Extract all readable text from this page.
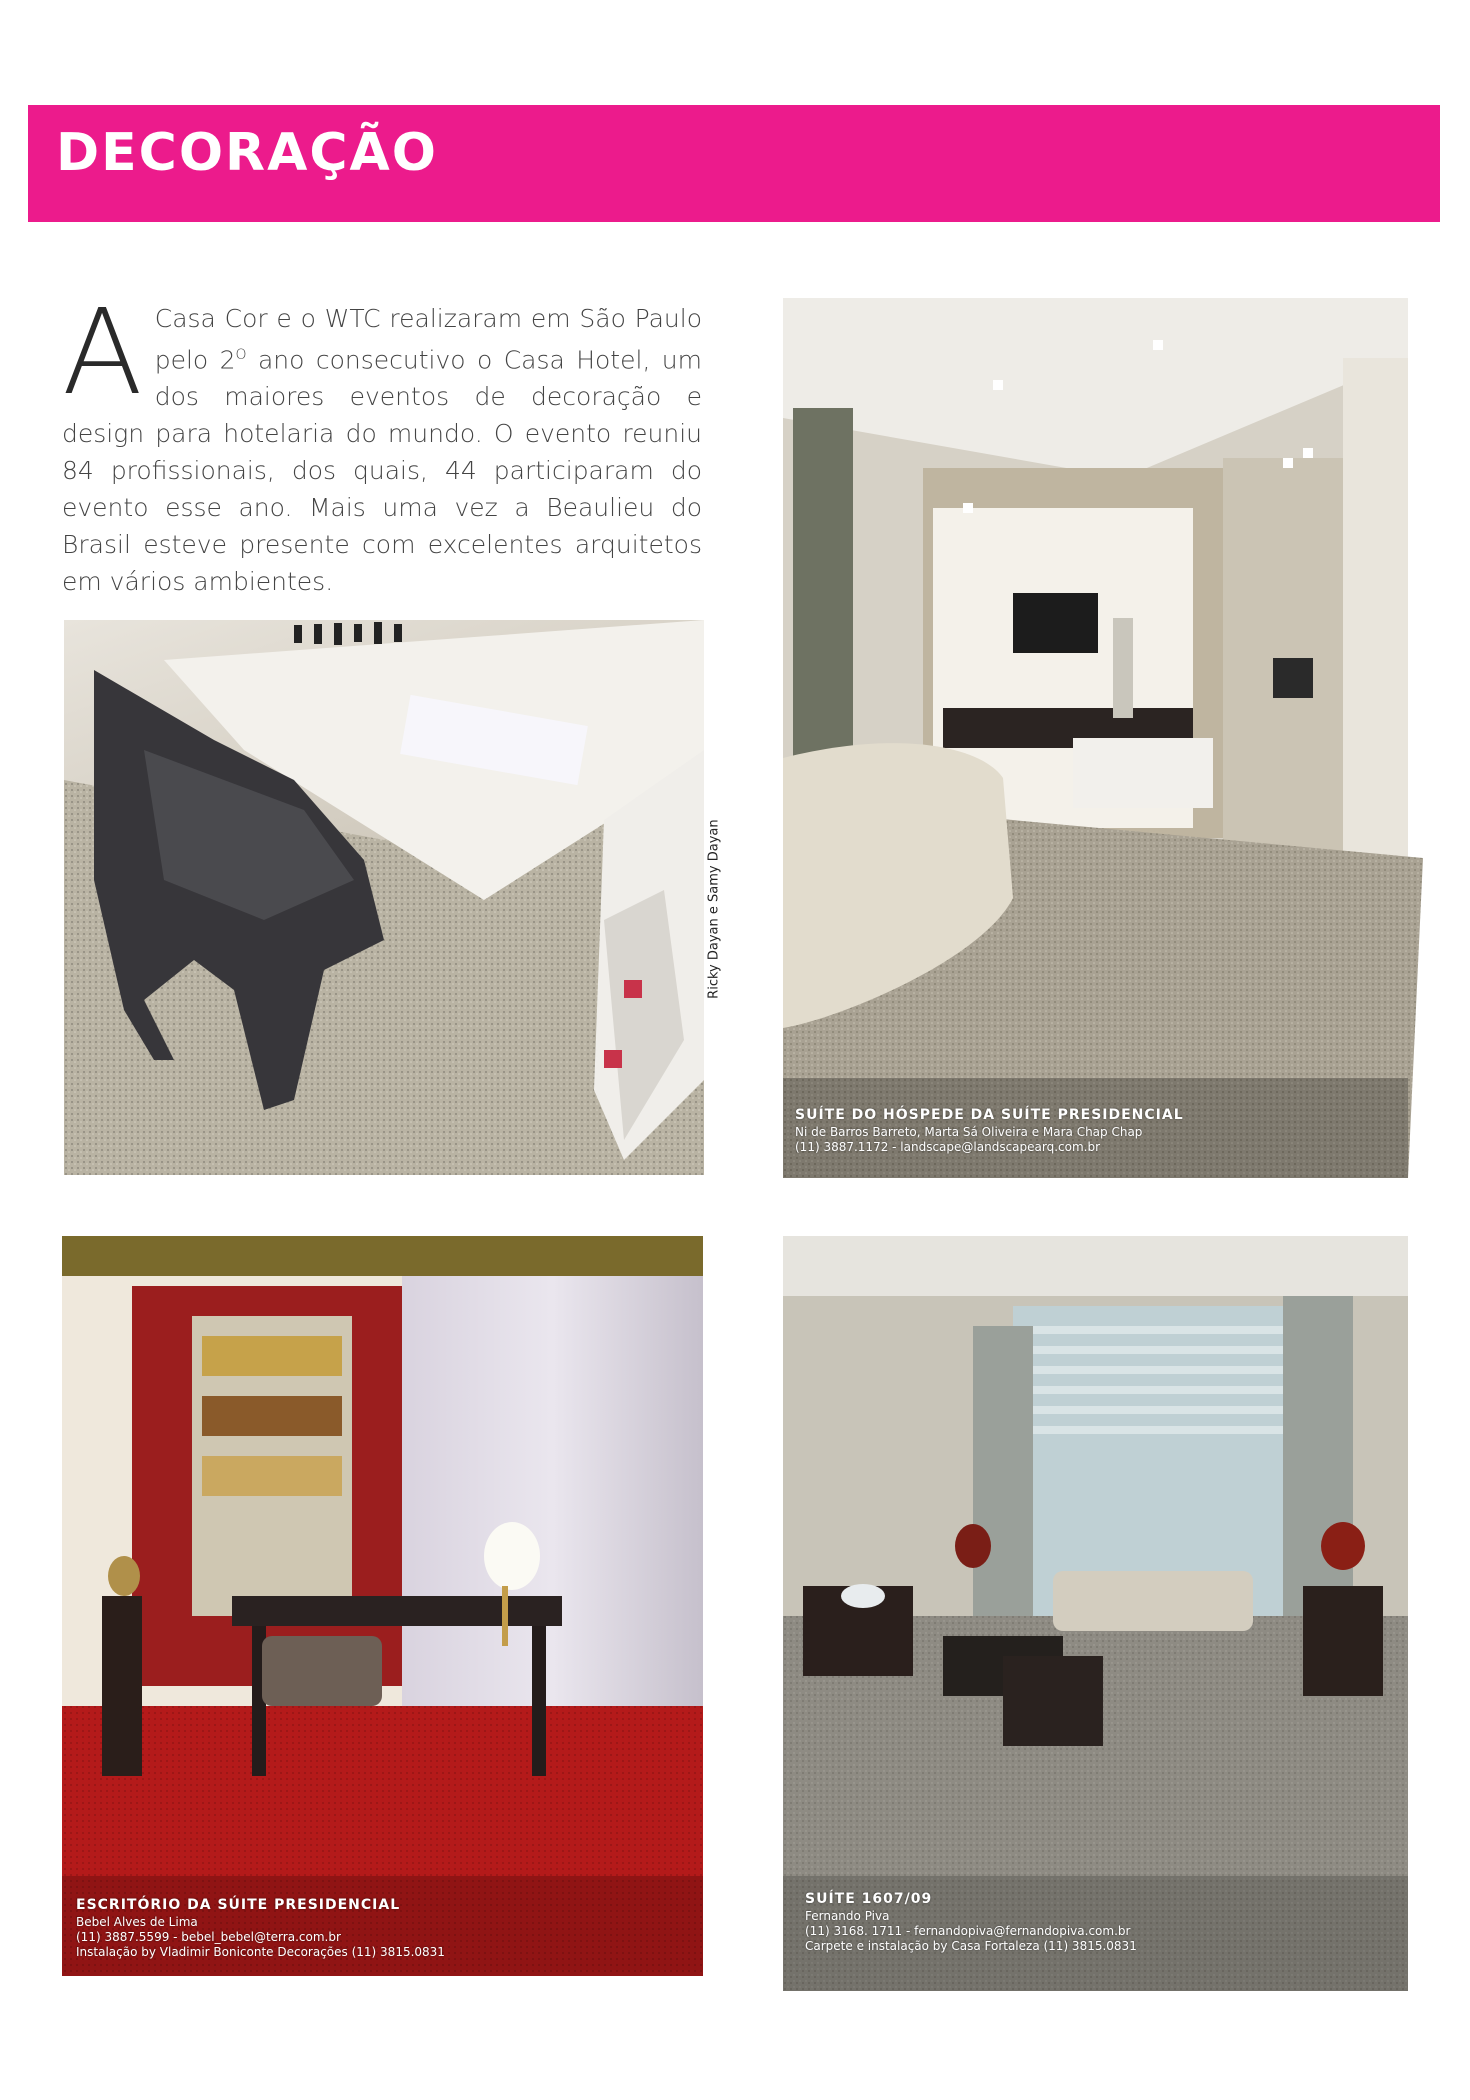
DECORAÇÃO
A Casa Cor e o WTC realizaram em São Paulo pelo $2^O$ ano consecutivo o Casa Hotel, um dos maiores eventos de decoração e design para hotelaria do mundo. O evento reuniu 84 profissionais, dos quais, 44 participaram do evento esse ano. Mais uma vez a Beaulieu do Brasil esteve presente com excelentes arquitetos em vários ambientes.
Ricky Dayan e Samy Dayan
SUÍTE DO HÓSPEDE DA SUÍTE PRESIDENCIAL
Ni de Barros Barreto, Marta Sá Oliveira e Mara Chap Chap
(11) 3887.1172 - landscape@landscapearq.com.br
ESCRITÓRIO DA SÚITE PRESIDENCIAL
Bebel Alves de Lima
(11) 3887.5599 - bebel_bebel@terra.com.br
Instalação by Vladimir Boniconte Decorações (11) 3815.0831
SUÍTE 1607/09
Fernando Piva
(11) 3168. 1711 - fernandopiva@fernandopiva.com.br
Carpete e instalação by Casa Fortaleza (11) 3815.0831
